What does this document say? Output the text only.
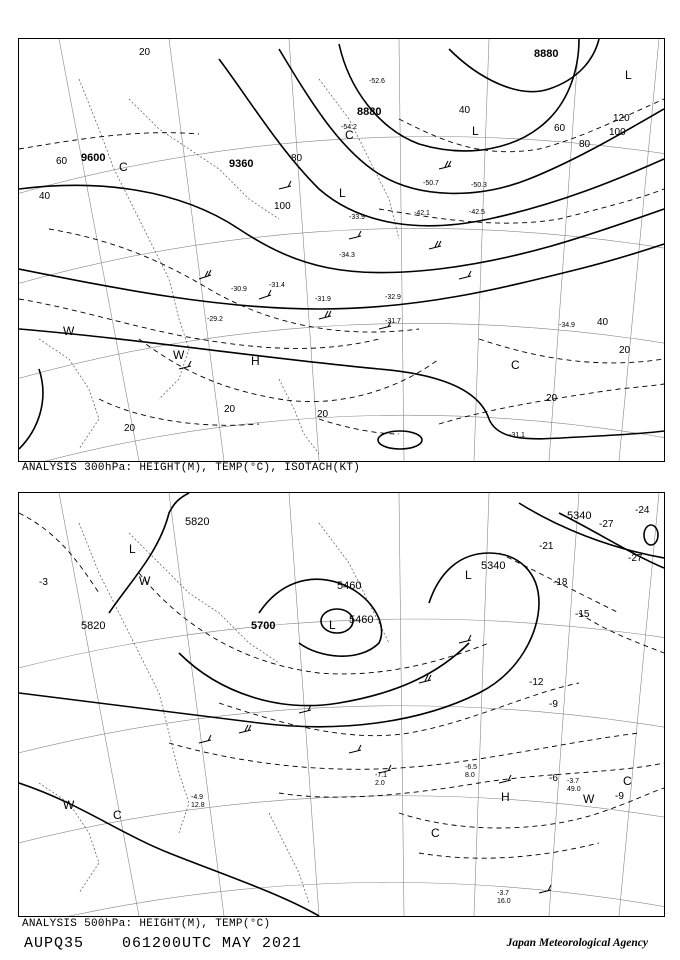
9600	9360
8880
8880
20
40
60	80
100
120
40
60
80
100
40
20
20	20
20
20
-52.6
-54.2
-50.7	-50.3
-42.5
-42.1
-33.9
-34.3
-31.4
-31.9	-32.9
-31.7
-30.9
-29.2
-31.1
-34.9
C
C
L
L
L
H	C
W
W
ANALYSIS 300hPa: HEIGHT(M), TEMP(°C), ISOTACH(KT)
5820
5820	5700
5460
5460
5340
5340
-27
-27
-24
-21
-18
-15
-12
-9
-6
-3
-9
-6.5
8.0
-7.1
2.0	-3.7
49.0
-3.7
16.0
-4.9
12.8
L
L
L
W
W	W
H
C
C
C
ANALYSIS 500hPa: HEIGHT(M), TEMP(°C)
AUPQ35	061200UTC MAY 2021	Japan Meteorological Agency
